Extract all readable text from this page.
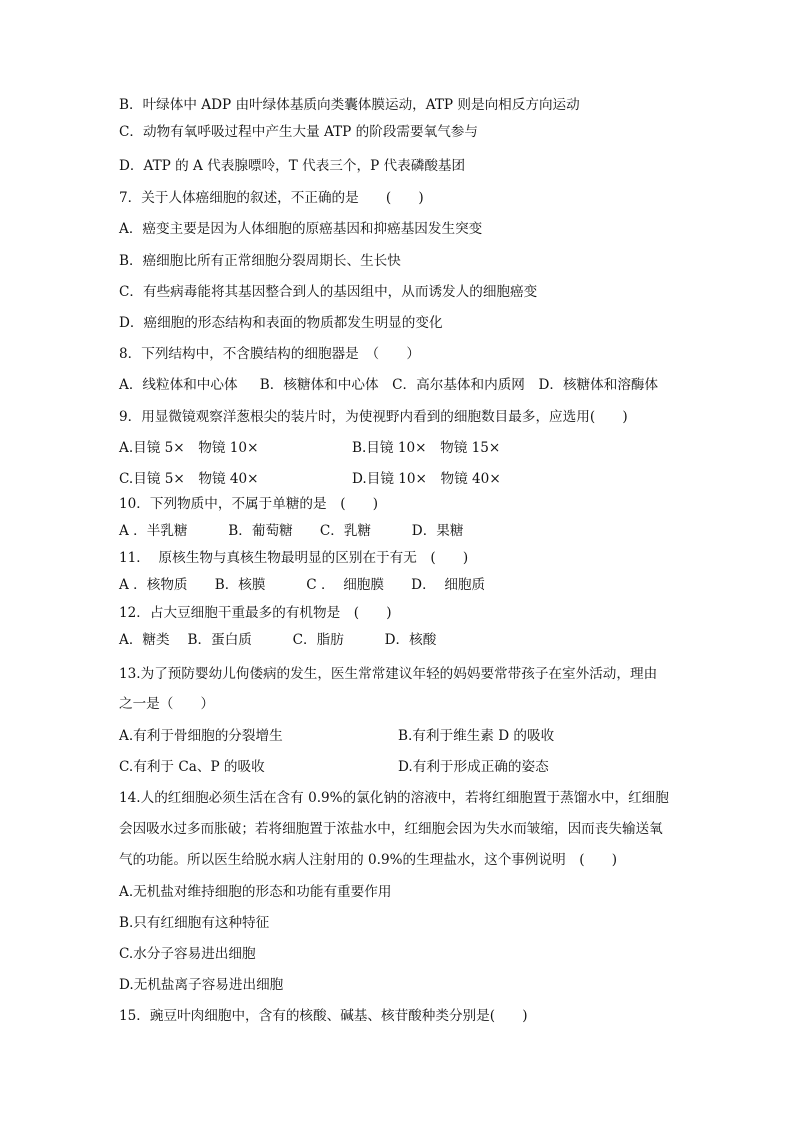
B．叶绿体中 ADP 由叶绿体基质向类囊体膜运动，ATP 则是向相反方向运动

C．动物有氧呼吸过程中产生大量 ATP 的阶段需要氧气参与

D．ATP 的 A 代表腺嘌呤，T 代表三个，P 代表磷酸基团

7．关于人体癌细胞的叙述，不正确的是　　(　　)

A．癌变主要是因为人体细胞的原癌基因和抑癌基因发生突变

B．癌细胞比所有正常细胞分裂周期长、生长快

C．有些病毒能将其基因整合到人的基因组中，从而诱发人的细胞癌变

D．癌细胞的形态结构和表面的物质都发生明显的变化

8．下列结构中，不含膜结构的细胞器是　（　　）

A．线粒体和中心体　  B．核糖体和中心体　C．高尔基体和内质网　D．核糖体和溶酶体

9．用显微镜观察洋葱根尖的装片时，为使视野内看到的细胞数目最多，应选用(　　)

A.目镜 5×　物镜 10×	B.目镜 10×　物镜 15×

C.目镜 5×　物镜 40×	D.目镜 10×　物镜 40×

10．下列物质中，不属于单糖的是　(　　)

A ．半乳糖　　　B．葡萄糖　　C．乳糖　　　D．果糖

11．  原核生物与真核生物最明显的区别在于有无　(　　)

A ．核物质　　B．核膜　　　C ．  细胞膜　　D．  细胞质

12．占大豆细胞干重最多的有机物是　(　　)

A．糖类　 B．蛋白质　　　C．脂肪　　　D．核酸

13.为了预防婴幼儿佝偻病的发生，医生常常建议年轻的妈妈要常带孩子在室外活动，理由

之一是（　　）

A.有利于骨细胞的分裂增生	B.有利于维生素 D 的吸收

C.有利于 Ca、P 的吸收	D.有利于形成正确的姿态

14.人的红细胞必须生活在含有 0.9%的氯化钠的溶液中，若将红细胞置于蒸馏水中，红细胞

会因吸水过多而胀破；若将细胞置于浓盐水中，红细胞会因为失水而皱缩，因而丧失输送氧

气的功能。所以医生给脱水病人注射用的 0.9%的生理盐水，这个事例说明　(　　)

A.无机盐对维持细胞的形态和功能有重要作用

B.只有红细胞有这种特征

C.水分子容易进出细胞

D.无机盐离子容易进出细胞

15．豌豆叶肉细胞中，含有的核酸、碱基、核苷酸种类分别是(　　)
